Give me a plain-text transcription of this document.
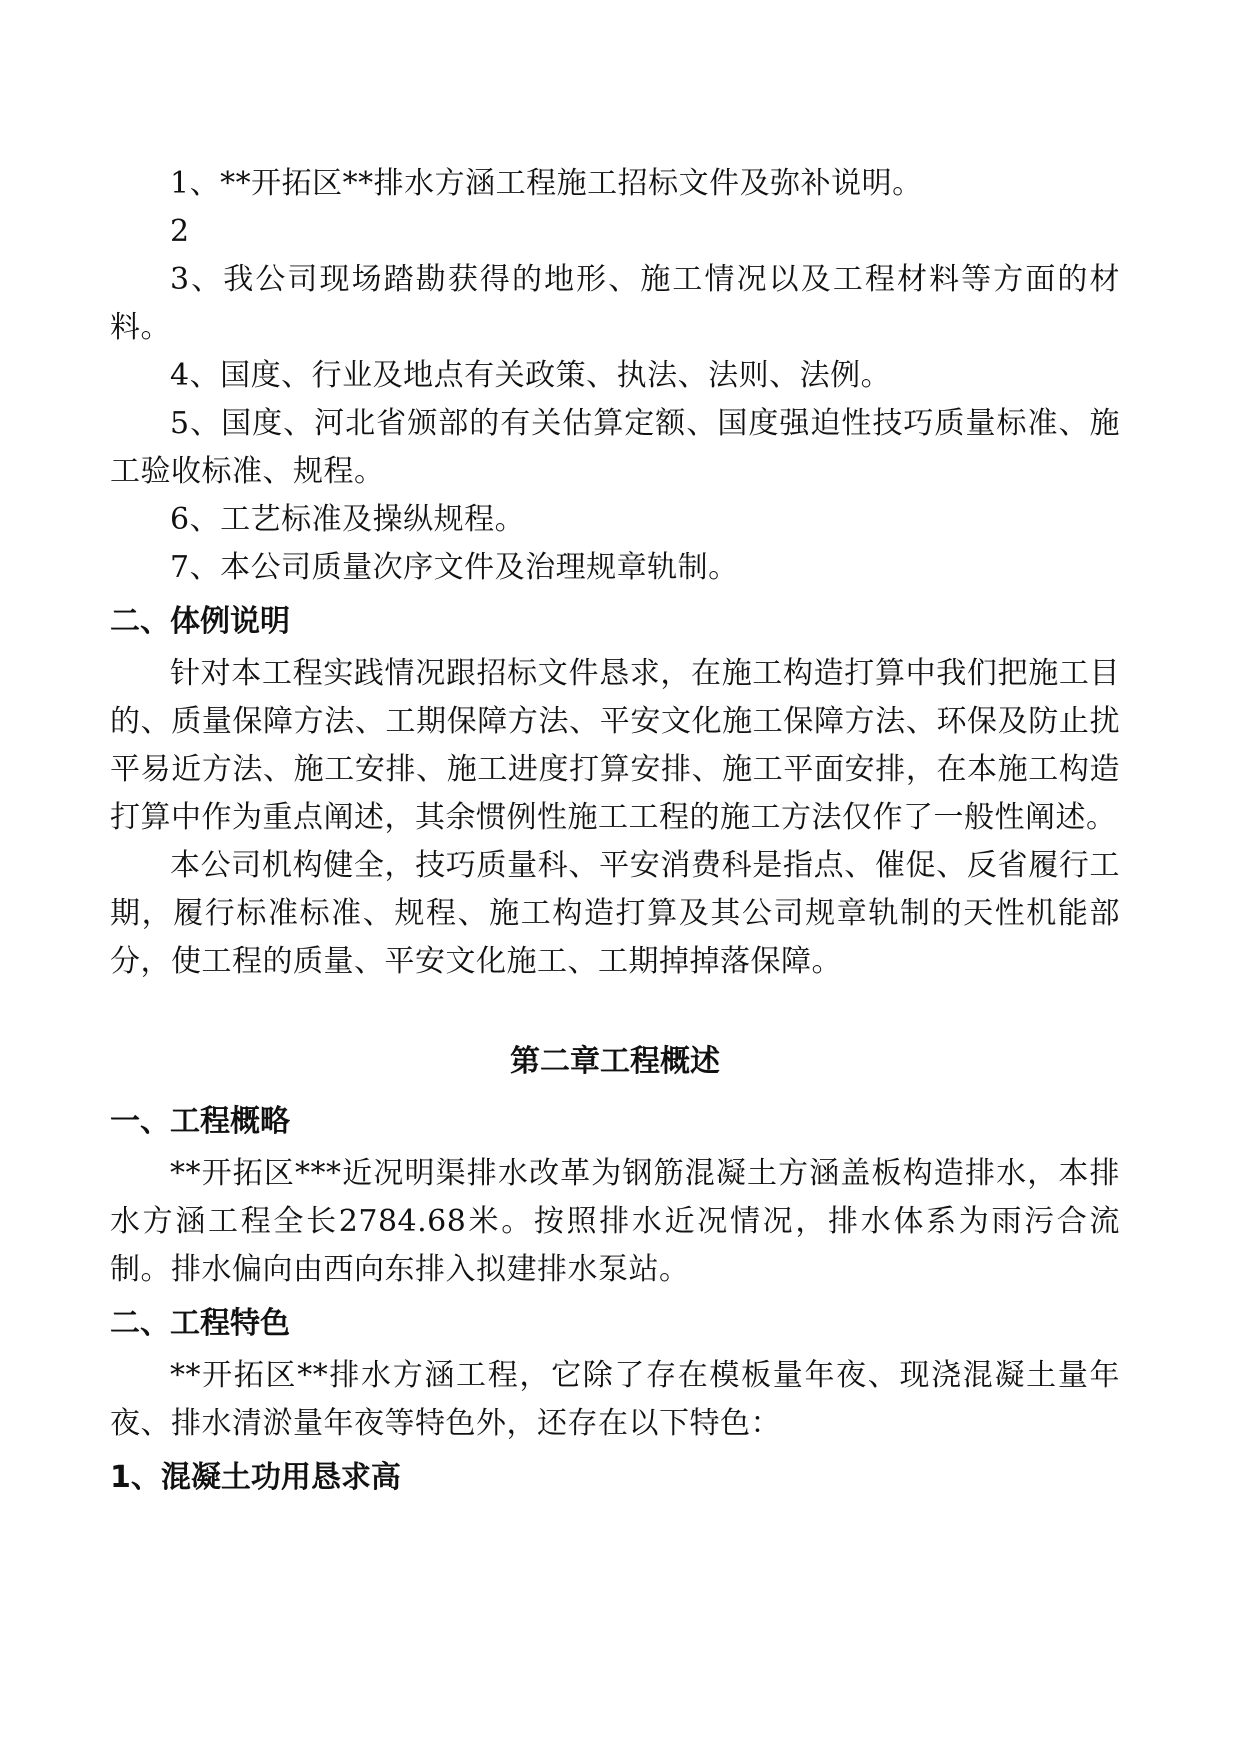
1、**开拓区**排水方涵工程施工招标文件及弥补说明。

2

3、我公司现场踏勘获得的地形、施工情况以及工程材料等方面的材料。

4、国度、行业及地点有关政策、执法、法则、法例。

5、国度、河北省颁部的有关估算定额、国度强迫性技巧质量标准、施工验收标准、规程。

6、工艺标准及操纵规程。

7、本公司质量次序文件及治理规章轨制。

二、体例说明

针对本工程实践情况跟招标文件恳求，在施工构造打算中我们把施工目的、质量保障方法、工期保障方法、平安文化施工保障方法、环保及防止扰平易近方法、施工安排、施工进度打算安排、施工平面安排，在本施工构造打算中作为重点阐述，其余惯例性施工工程的施工方法仅作了一般性阐述。

本公司机构健全，技巧质量科、平安消费科是指点、催促、反省履行工期，履行标准标准、规程、施工构造打算及其公司规章轨制的天性机能部分，使工程的质量、平安文化施工、工期掉掉落保障。

第二章工程概述
一、工程概略

**开拓区***近况明渠排水改革为钢筋混凝土方涵盖板构造排水，本排水方涵工程全长2784.68米。按照排水近况情况，排水体系为雨污合流制。排水偏向由西向东排入拟建排水泵站。

二、工程特色

**开拓区**排水方涵工程，它除了存在模板量年夜、现浇混凝土量年夜、排水清淤量年夜等特色外，还存在以下特色：

1、混凝土功用恳求高
